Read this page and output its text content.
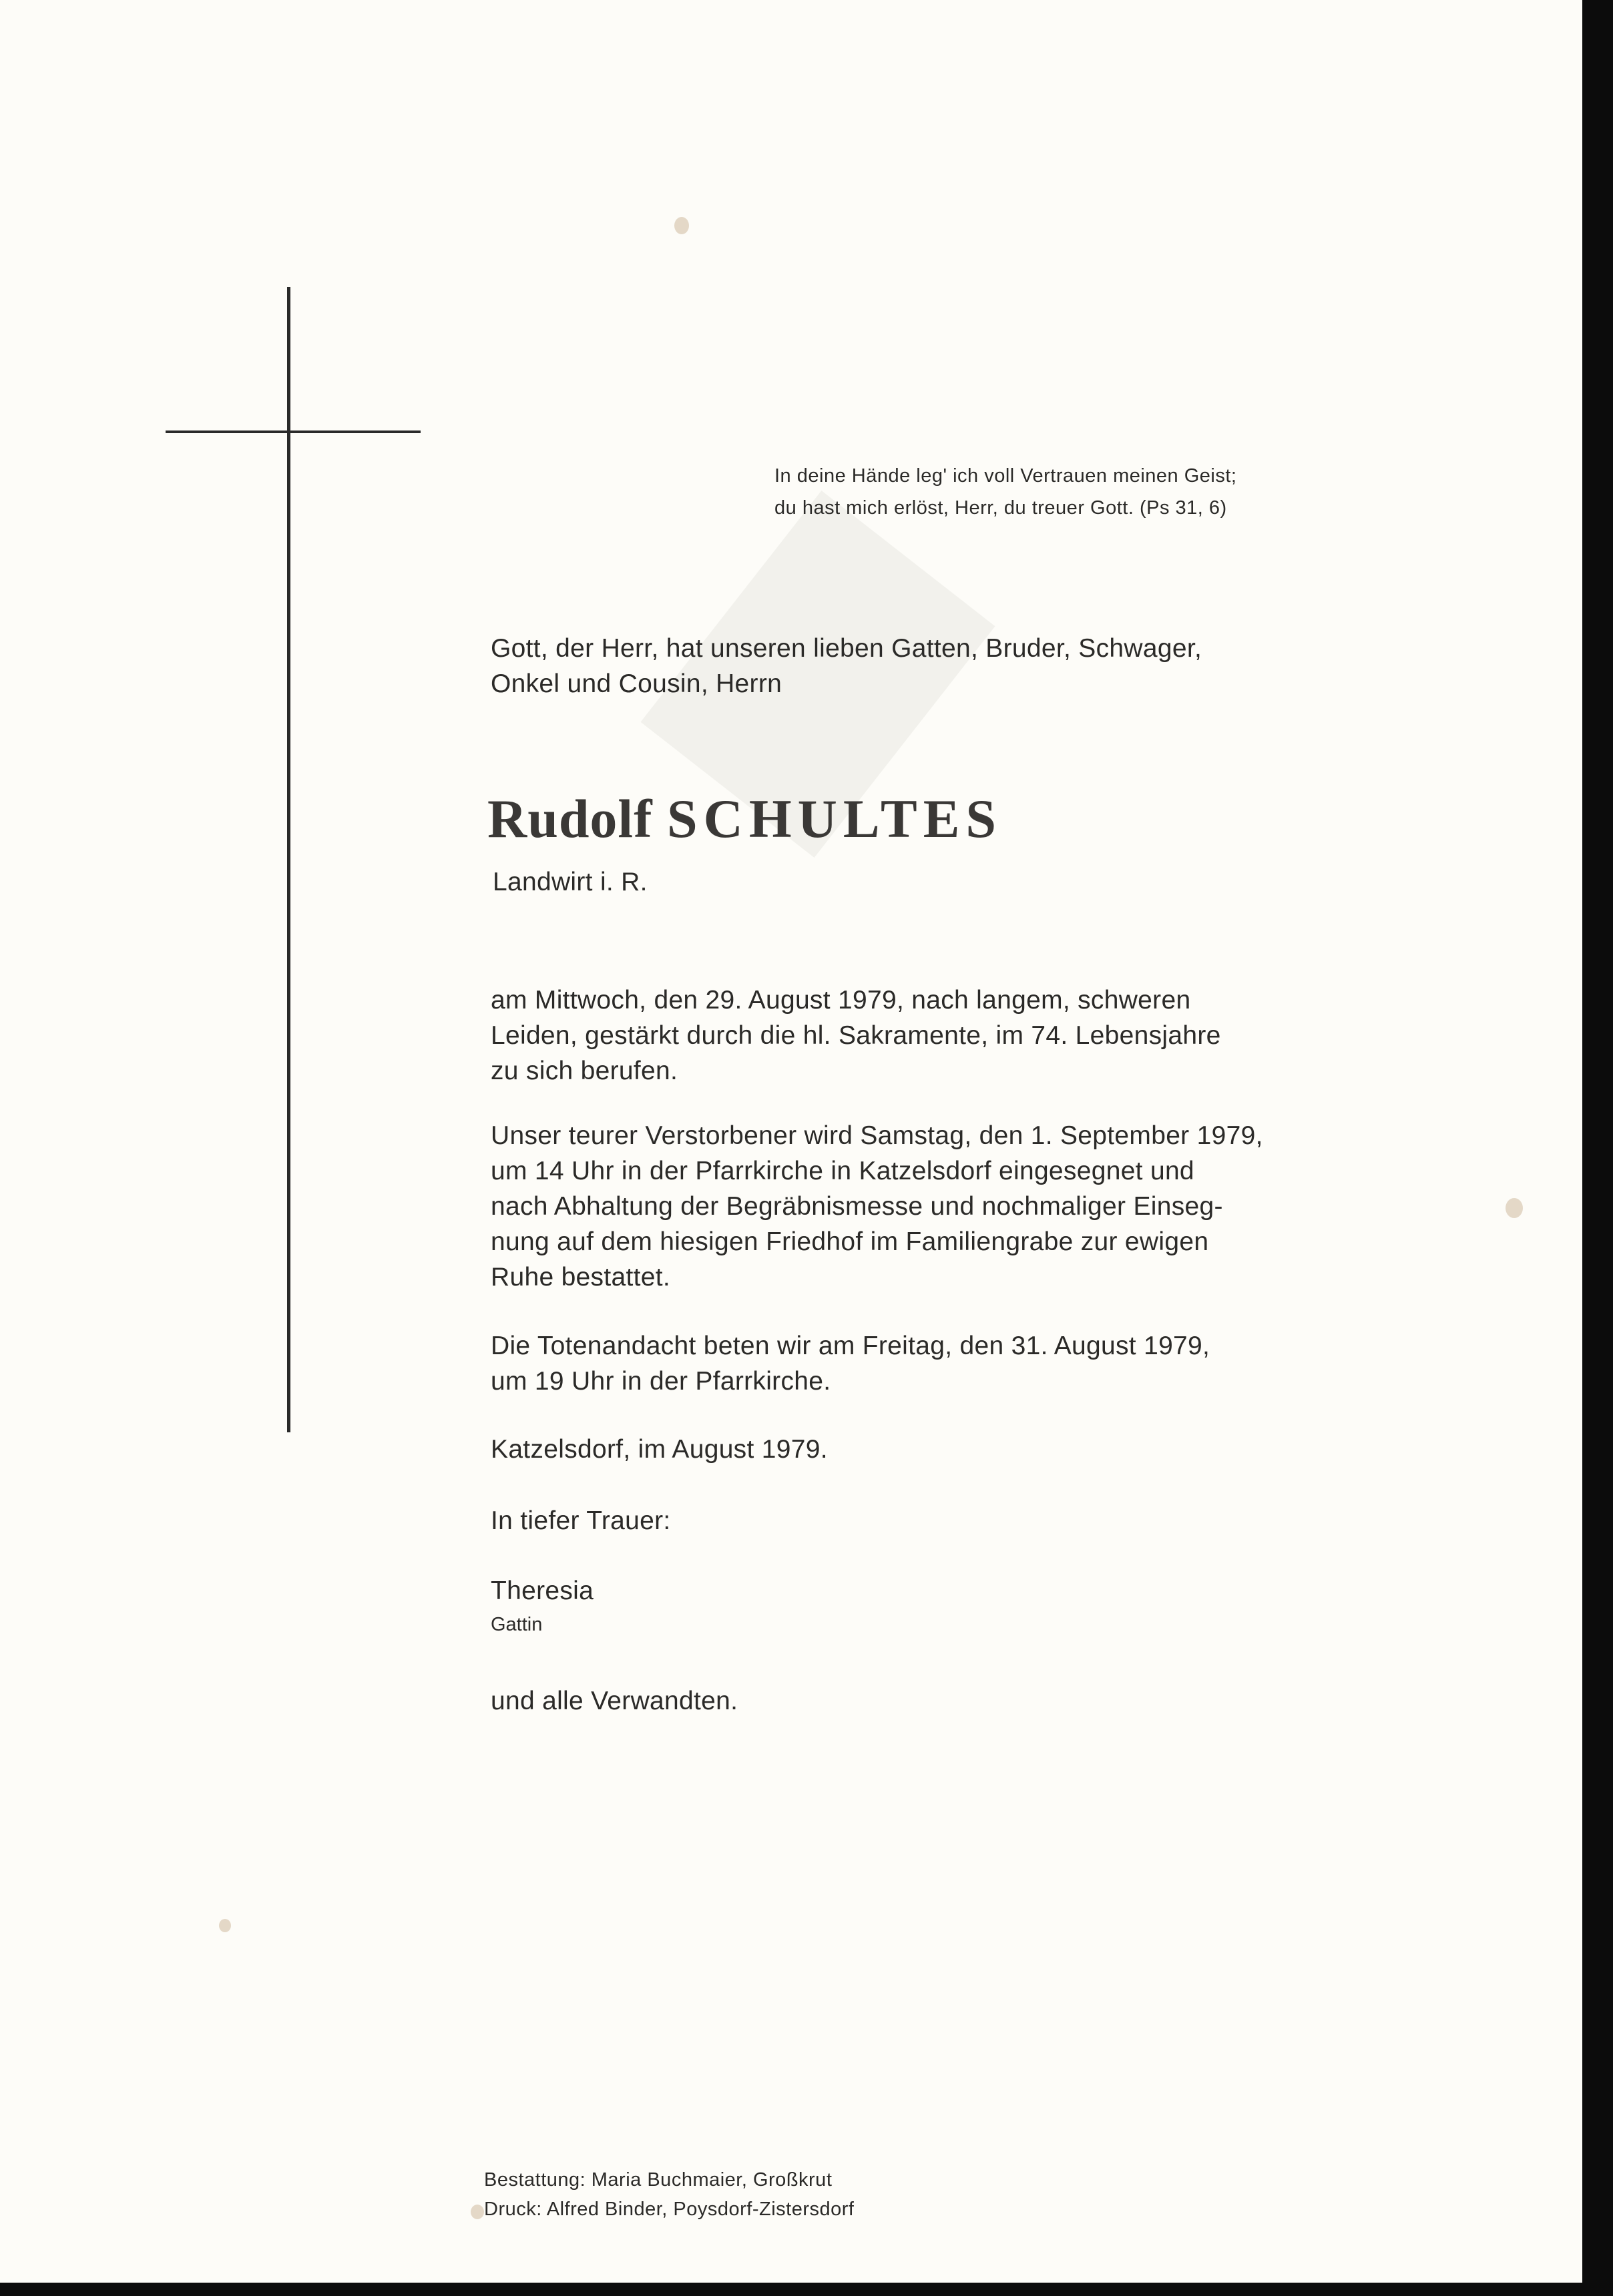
In deine Hände leg' ich voll Vertrauen meinen Geist;
du hast mich erlöst, Herr, du treuer Gott. (Ps 31, 6)
Gott, der Herr, hat unseren lieben Gatten, Bruder, Schwager,
Onkel und Cousin, Herrn
Rudolf SCHULTES
Landwirt i. R.
am Mittwoch, den 29. August 1979, nach langem, schweren
Leiden, gestärkt durch die hl. Sakramente, im 74. Lebensjahre
zu sich berufen.
Unser teurer Verstorbener wird Samstag, den 1. September 1979,
um 14 Uhr in der Pfarrkirche in Katzelsdorf eingesegnet und
nach Abhaltung der Begräbnismesse und nochmaliger Einseg-
nung auf dem hiesigen Friedhof im Familiengrabe zur ewigen
Ruhe bestattet.
Die Totenandacht beten wir am Freitag, den 31. August 1979,
um 19 Uhr in der Pfarrkirche.
Katzelsdorf, im August 1979.
In tiefer Trauer:
Theresia
Gattin
und alle Verwandten.
Bestattung: Maria Buchmaier, Großkrut
Druck: Alfred Binder, Poysdorf-Zistersdorf
